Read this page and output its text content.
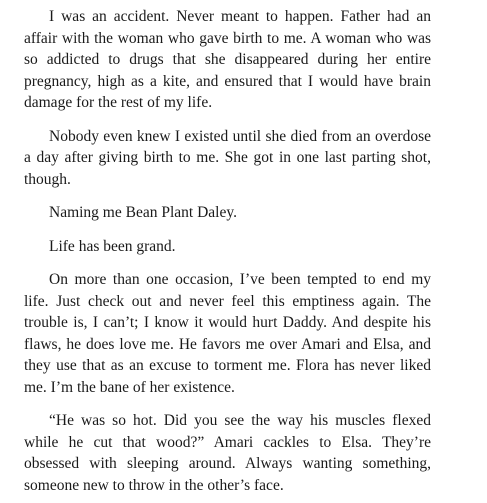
I was an accident. Never meant to happen. Father had an affair with the woman who gave birth to me. A woman who was so addicted to drugs that she disappeared during her entire pregnancy, high as a kite, and ensured that I would have brain damage for the rest of my life.

Nobody even knew I existed until she died from an overdose a day after giving birth to me. She got in one last parting shot, though.

Naming me Bean Plant Daley.

Life has been grand.

On more than one occasion, I’ve been tempted to end my life. Just check out and never feel this emptiness again. The trouble is, I can’t; I know it would hurt Daddy. And despite his flaws, he does love me. He favors me over Amari and Elsa, and they use that as an excuse to torment me. Flora has never liked me. I’m the bane of her existence.

“He was so hot. Did you see the way his muscles flexed while he cut that wood?” Amari cackles to Elsa. They’re obsessed with sleeping around. Always wanting something, someone new to throw in the other’s face.
